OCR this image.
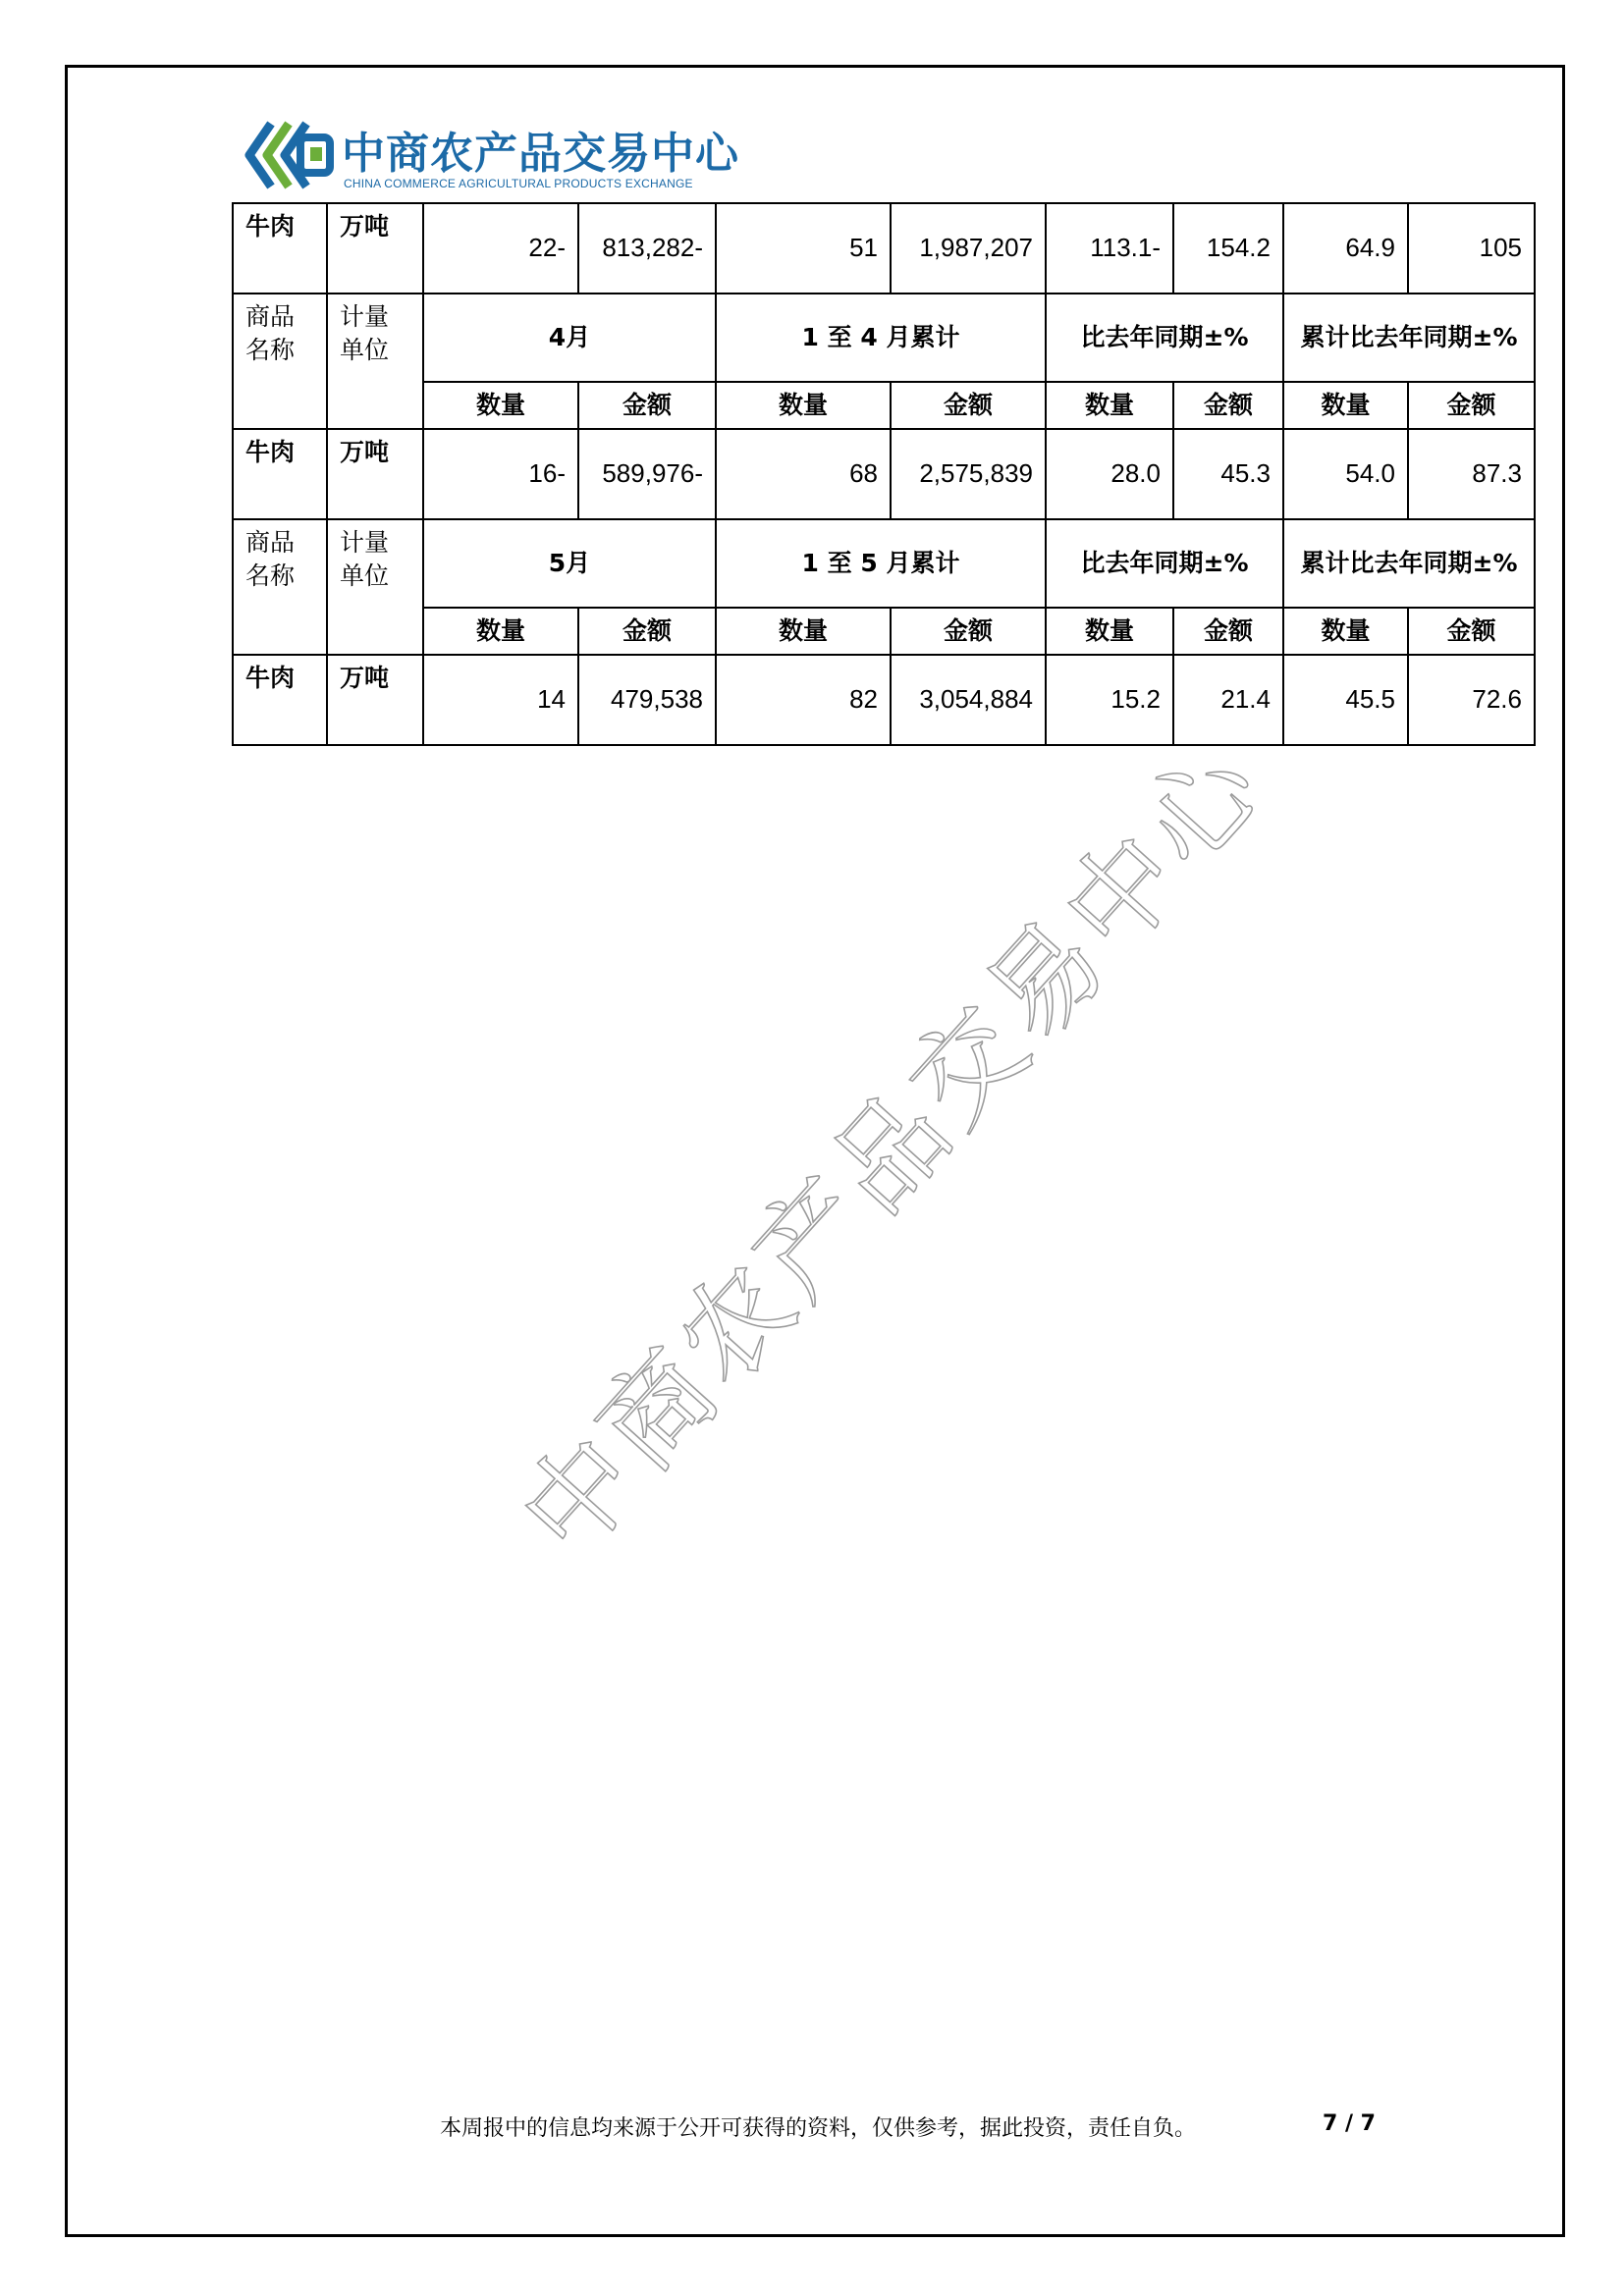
中商农产品交易中心
CHINA COMMERCE AGRICULTURAL PRODUCTS EXCHANGE
牛肉	万吨	22-	813,282-	51	1,987,207	113.1-	154.2	64.9	105
商品名称	计量单位	4月		1 至 4 月累计		比去年同期±%		累计比去年同期±%	
		数量	金额	数量	金额	数量	金额	数量	金额
牛肉	万吨	16-	589,976-	68	2,575,839	28.0	45.3	54.0	87.3
商品名称	计量单位	5月		1 至 5 月累计		比去年同期±%		累计比去年同期±%	
		数量	金额	数量	金额	数量	金额	数量	金额
牛肉	万吨	14	479,538	82	3,054,884	15.2	21.4	45.5	72.6
中商农产品交易中心
本周报中的信息均来源于公开可获得的资料，仅供参考，据此投资，责任自负。	7 / 7
